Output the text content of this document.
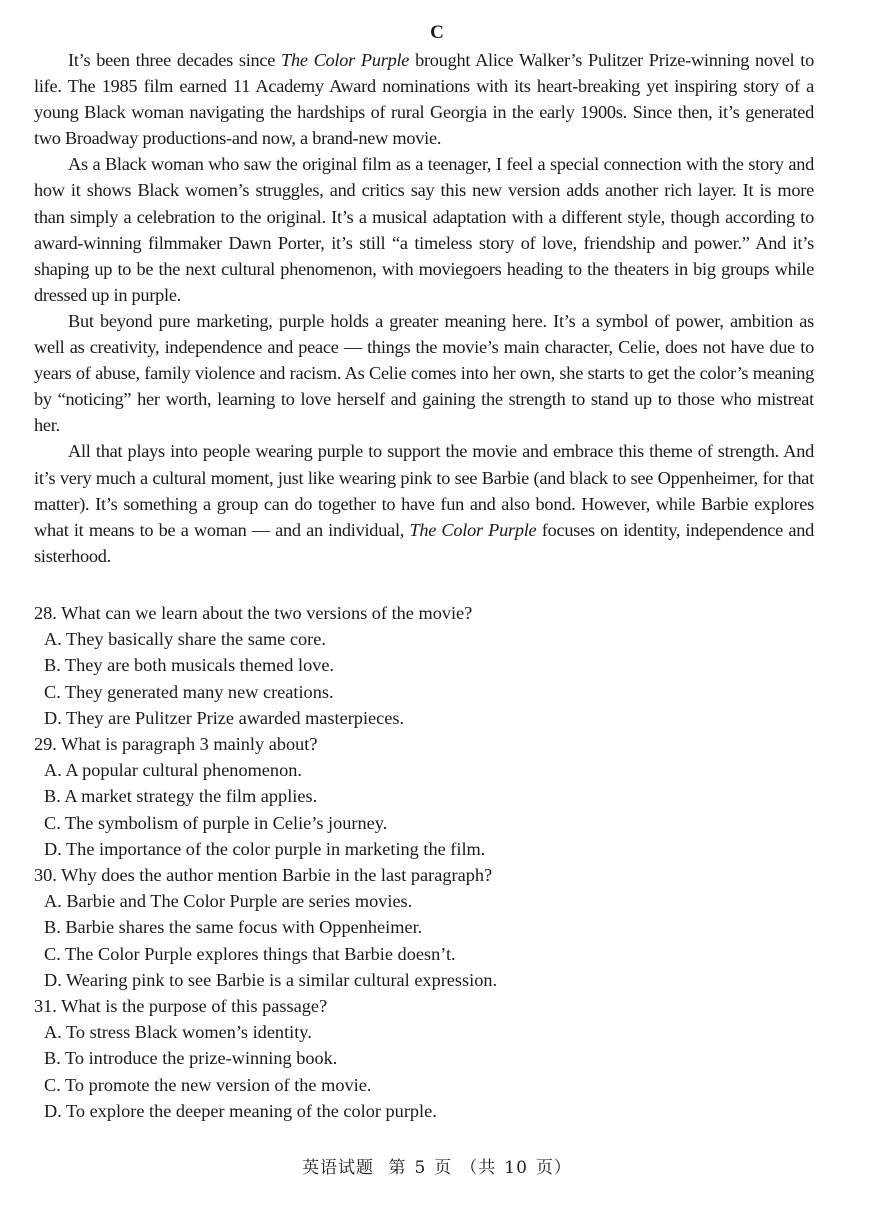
C

It’s been three decades since The Color Purple brought Alice Walker’s Pulitzer Prize-winning novel to life. The 1985 film earned 11 Academy Award nominations with its heart-breaking yet inspiring story of a young Black woman navigating the hardships of rural Georgia in the early 1900s. Since then, it’s generated two Broadway productions-and now, a brand-new movie.

As a Black woman who saw the original film as a teenager, I feel a special connection with the story and how it shows Black women’s struggles, and critics say this new version adds another rich layer. It is more than simply a celebration to the original. It’s a musical adaptation with a different style, though according to award-winning filmmaker Dawn Porter, it’s still “a timeless story of love, friendship and power.” And it’s shaping up to be the next cultural phenomenon, with moviegoers heading to the theaters in big groups while dressed up in purple.

But beyond pure marketing, purple holds a greater meaning here. It’s a symbol of power, ambition as well as creativity, independence and peace — things the movie’s main character, Celie, does not have due to years of abuse, family violence and racism. As Celie comes into her own, she starts to get the color’s meaning by “noticing” her worth, learning to love herself and gaining the strength to stand up to those who mistreat her.

All that plays into people wearing purple to support the movie and embrace this theme of strength. And it’s very much a cultural moment, just like wearing pink to see Barbie (and black to see Oppenheimer, for that matter). It’s something a group can do together to have fun and also bond. However, while Barbie explores what it means to be a woman — and an individual, The Color Purple focuses on identity, independence and sisterhood.

28. What can we learn about the two versions of the movie?

A. They basically share the same core.

B. They are both musicals themed love.

C. They generated many new creations.

D. They are Pulitzer Prize awarded masterpieces.

29. What is paragraph 3 mainly about?

A. A popular cultural phenomenon.

B. A market strategy the film applies.

C. The symbolism of purple in Celie’s journey.

D. The importance of the color purple in marketing the film.

30. Why does the author mention Barbie in the last paragraph?

A. Barbie and The Color Purple are series movies.

B. Barbie shares the same focus with Oppenheimer.

C. The Color Purple explores things that Barbie doesn’t.

D. Wearing pink to see Barbie is a similar cultural expression.

31. What is the purpose of this passage?

A. To stress Black women’s identity.

B. To introduce the prize-winning book.

C. To promote the new version of the movie.

D. To explore the deeper meaning of the color purple.

英语试题 第 5 页 （共 10 页）
